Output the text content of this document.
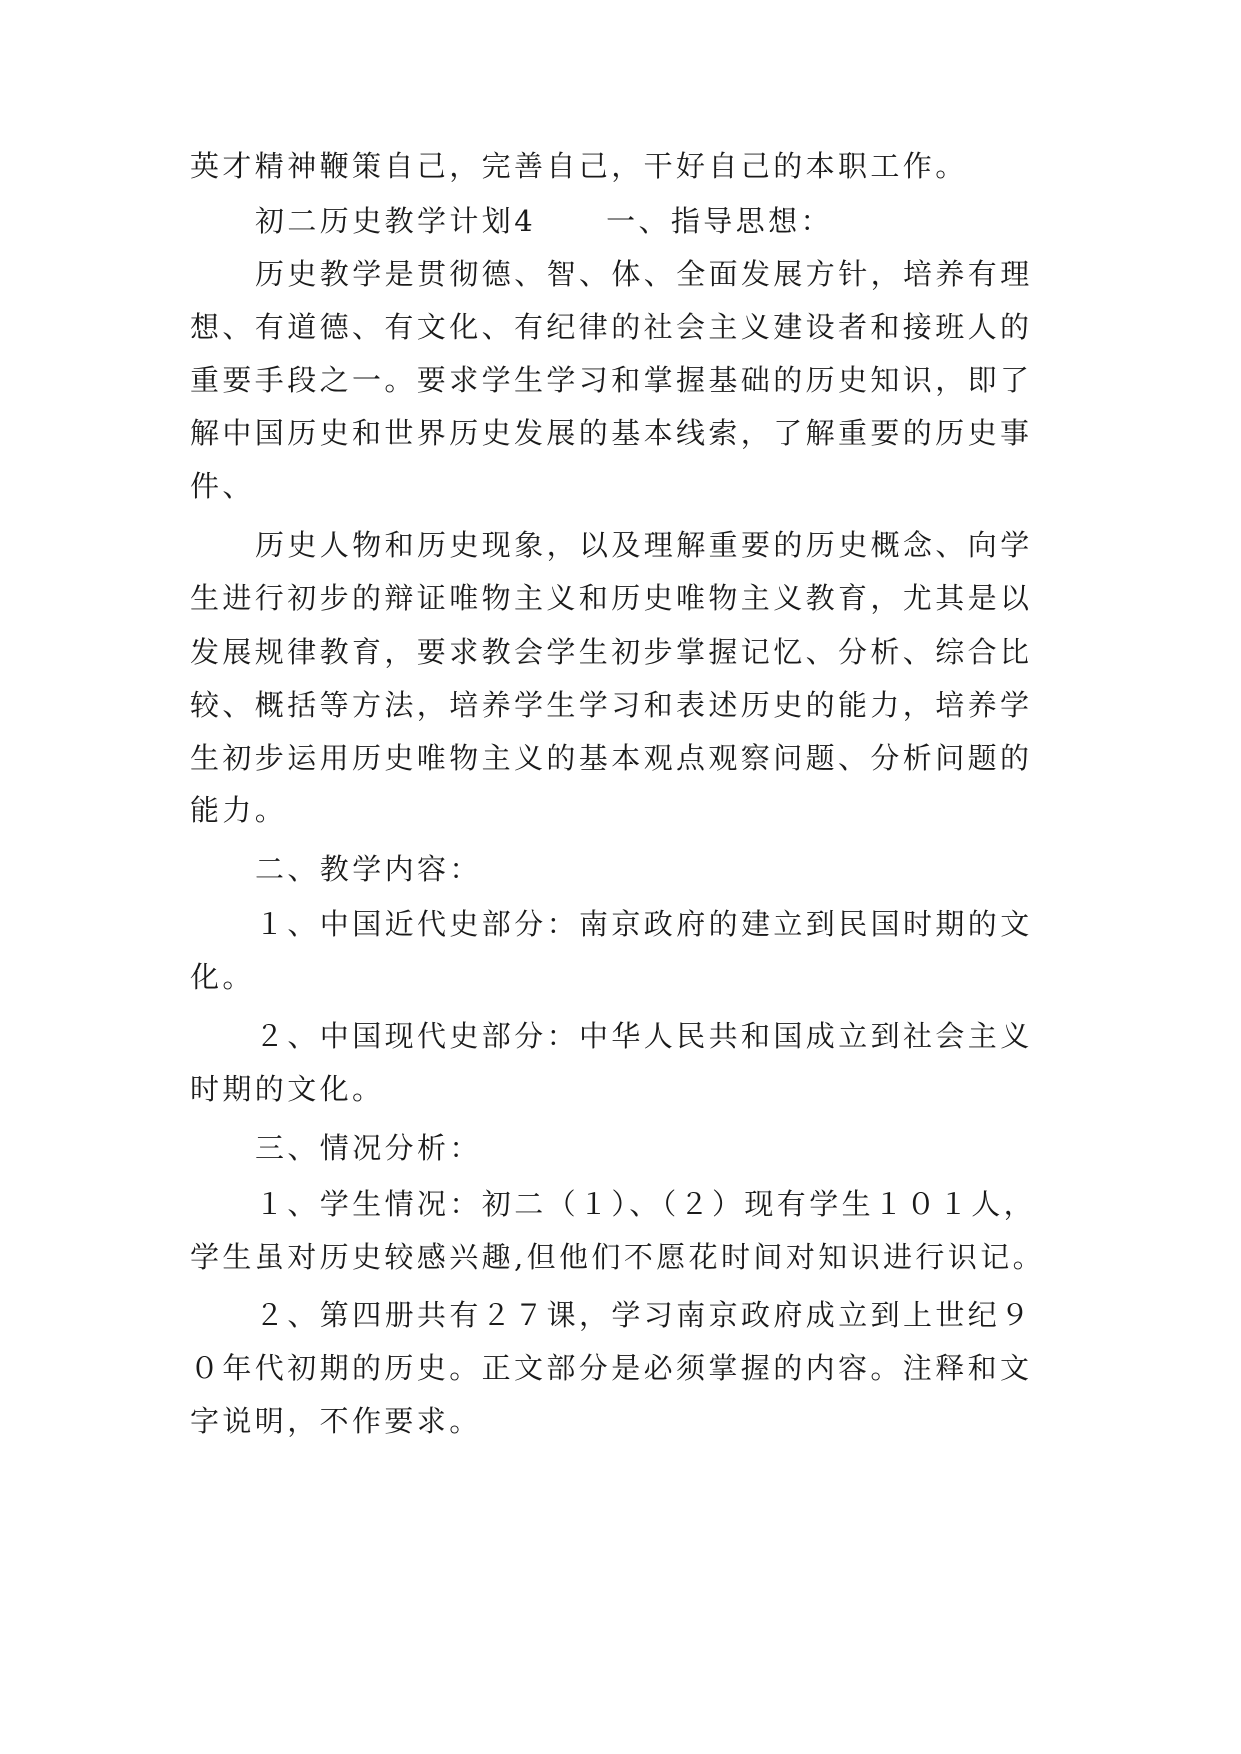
英才精神鞭策自己，完善自己，干好自己的本职工作。
初二历史教学计划4 一、指导思想：
历史教学是贯彻德、智、体、全面发展方针，培养有理
想、有道德、有文化、有纪律的社会主义建设者和接班人的
重要手段之一。要求学生学习和掌握基础的历史知识，即了
解中国历史和世界历史发展的基本线索，了解重要的历史事
件、
历史人物和历史现象，以及理解重要的历史概念、向学
生进行初步的辩证唯物主义和历史唯物主义教育，尤其是以
发展规律教育，要求教会学生初步掌握记忆、分析、综合比
较、概括等方法，培养学生学习和表述历史的能力，培养学
生初步运用历史唯物主义的基本观点观察问题、分析问题的
能力。
二、教学内容：
１、中国近代史部分：南京政府的建立到民国时期的文
化。
２、中国现代史部分：中华人民共和国成立到社会主义
时期的文化。
三、情况分析：
１、学生情况：初二（１）、（２）现有学生１０１人，
学生虽对历史较感兴趣,但他们不愿花时间对知识进行识记。
２、第四册共有２７课，学习南京政府成立到上世纪９
０年代初期的历史。正文部分是必须掌握的内容。注释和文
字说明，不作要求。
